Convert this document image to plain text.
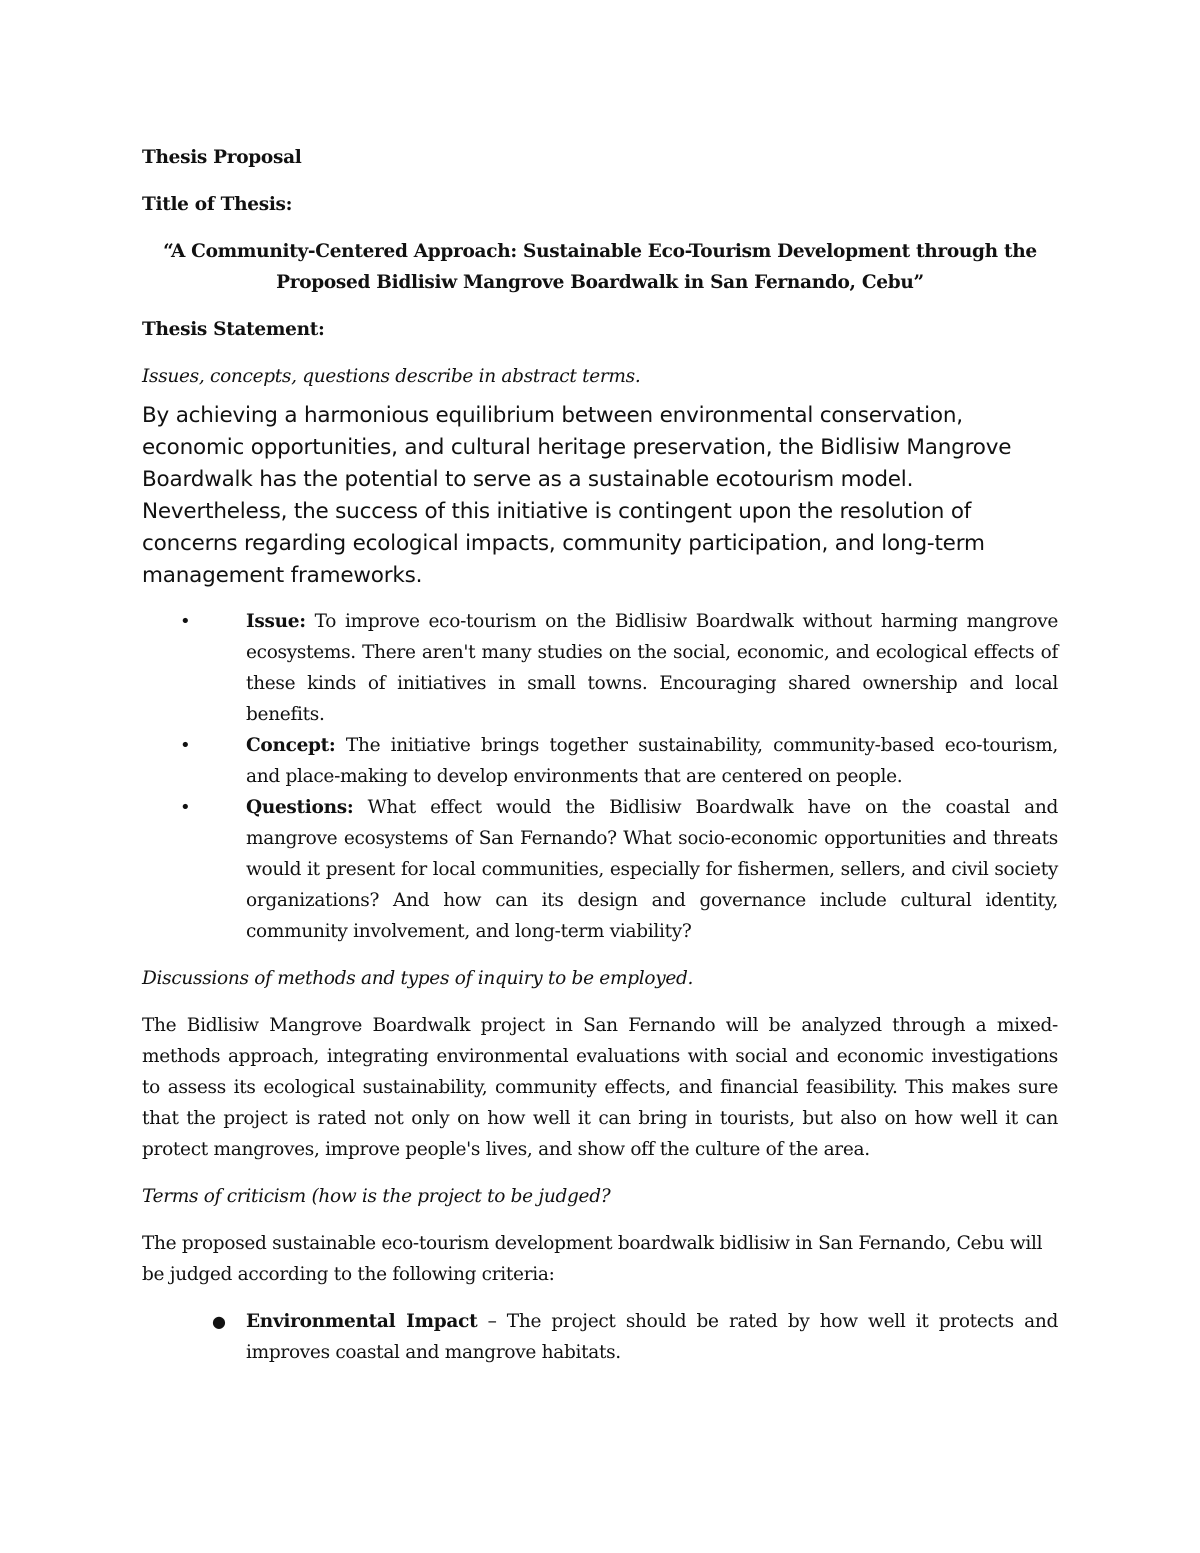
Thesis Proposal

Title of Thesis:

“A Community-Centered Approach: Sustainable Eco-Tourism Development through the
Proposed Bidlisiw Mangrove Boardwalk in San Fernando, Cebu”

Thesis Statement:

Issues, concepts, questions describe in abstract terms.

By achieving a harmonious equilibrium between environmental conservation, economic opportunities, and cultural heritage preservation, the Bidlisiw Mangrove Boardwalk has the potential to serve as a sustainable ecotourism model. Nevertheless, the success of this initiative is contingent upon the resolution of concerns regarding ecological impacts, community participation, and long-term management frameworks.

•	Issue: To improve eco-tourism on the Bidlisiw Boardwalk without harming mangrove ecosystems. There aren't many studies on the social, economic, and ecological effects of these kinds of initiatives in small towns. Encouraging shared ownership and local benefits.
•	Concept: The initiative brings together sustainability, community-based eco-tourism, and place-making to develop environments that are centered on people.
•	Questions: What effect would the Bidlisiw Boardwalk have on the coastal and mangrove ecosystems of San Fernando? What socio-economic opportunities and threats would it present for local communities, especially for fishermen, sellers, and civil society organizations? And how can its design and governance include cultural identity, community involvement, and long-term viability?

Discussions of methods and types of inquiry to be employed.

The Bidlisiw Mangrove Boardwalk project in San Fernando will be analyzed through a mixed-methods approach, integrating environmental evaluations with social and economic investigations to assess its ecological sustainability, community effects, and financial feasibility. This makes sure that the project is rated not only on how well it can bring in tourists, but also on how well it can protect mangroves, improve people's lives, and show off the culture of the area.

Terms of criticism (how is the project to be judged?

The proposed sustainable eco-tourism development boardwalk bidlisiw in San Fernando, Cebu will be judged according to the following criteria:

● Environmental Impact – The project should be rated by how well it protects and improves coastal and mangrove habitats.
